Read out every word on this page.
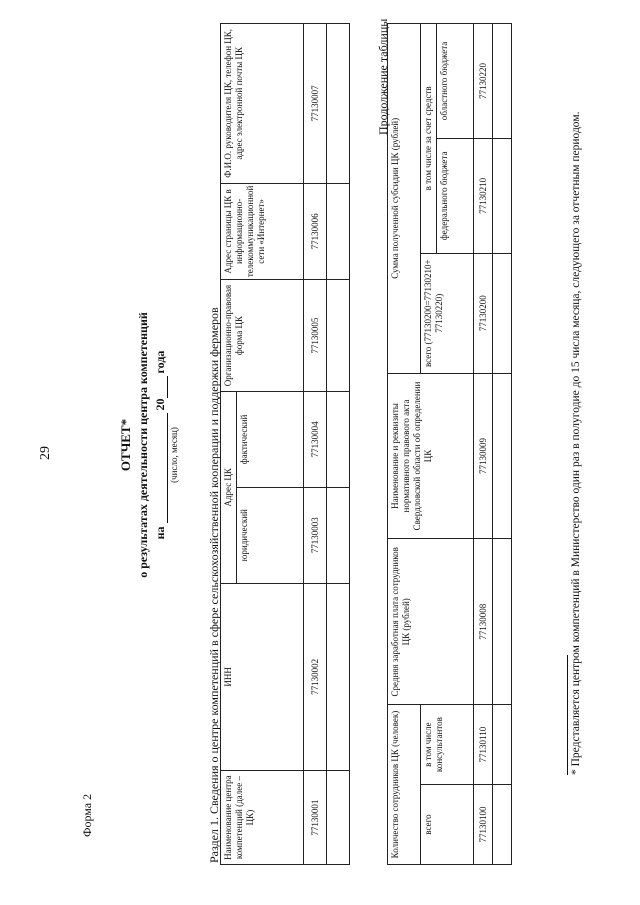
29
Форма 2
ОТЧЕТ* о результатах деятельности центра компетенций на  20 года
(число, месяц) Раздел 1. Сведения о центре компетенций в сфере сельскохозяйственной кооперации и поддержки фермеров Наименование центра компетенций (далее – ЦК)	ИНН	Адрес ЦК		Организационно-правовая форма ЦК	Адрес страницы ЦК в информационно-телекоммуникационной сети «Интернет»	Ф.И.О. руководителя ЦК, телефон ЦК, адрес электронной почты ЦК
		юридический	фактический			
77130001	77130002	77130003	77130004	77130005	77130006	77130007
							Продолжение таблицы
Количество сотрудников ЦК (человек)		Средняя заработная плата сотрудников ЦК (рублей)	Наименование и реквизиты нормативного правового акта Свердловской области об определении ЦК	Сумма полученной субсидии ЦК (рублей)		
всего	в том числе консультантов			всего (77130200=77130210+ 77130220)	в том числе за счет средств	
					федерального бюджета	областного бюджета
77130100	77130110	77130008	77130009	77130200	77130210	77130220

* Представляется центром компетенций в Министерство один раз в полугодие до 15 числа месяца, следующего за отчетным периодом.
